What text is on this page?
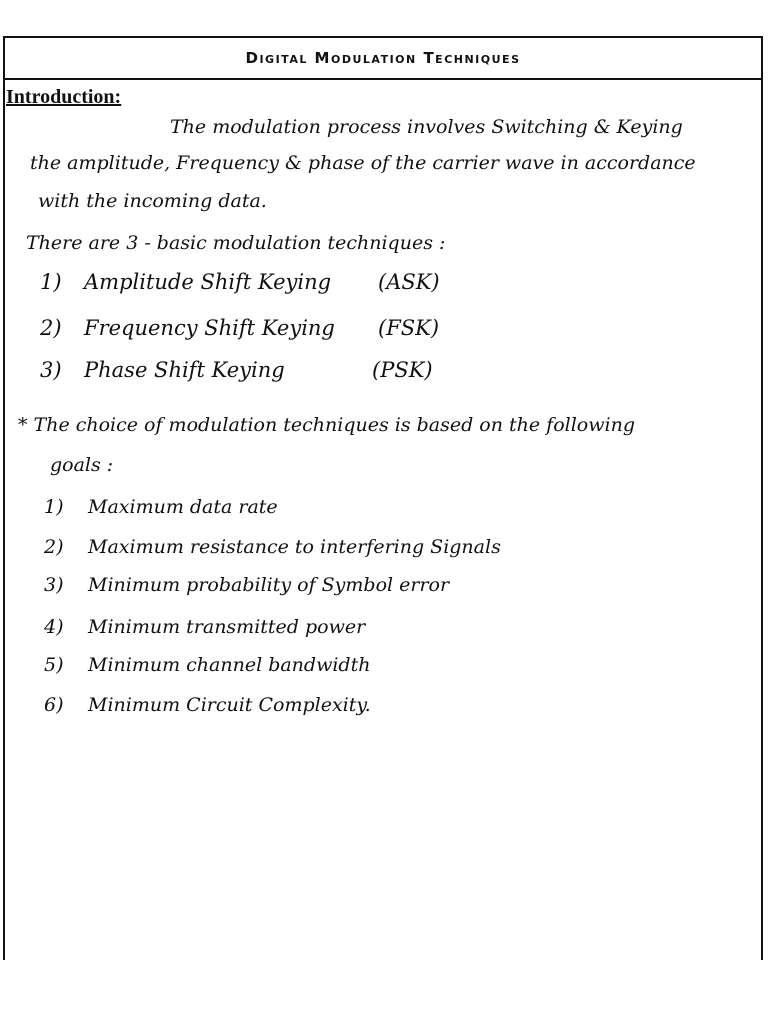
Digital Modulation Techniques
Introduction:
The modulation process involves Switching & Keying
the amplitude, Frequency & phase of the carrier wave in accordance
with the incoming data.
There are 3 - basic modulation techniques :
1) Amplitude Shift Keying (ASK)
2) Frequency Shift Keying (FSK)
3) Phase Shift Keying	(PSK)
* The choice of modulation techniques is based on the following
goals :
1) Maximum data rate
2) Maximum resistance to interfering Signals
3) Minimum probability of Symbol error
4) Minimum transmitted power
5) Minimum channel bandwidth
6) Minimum Circuit Complexity.
